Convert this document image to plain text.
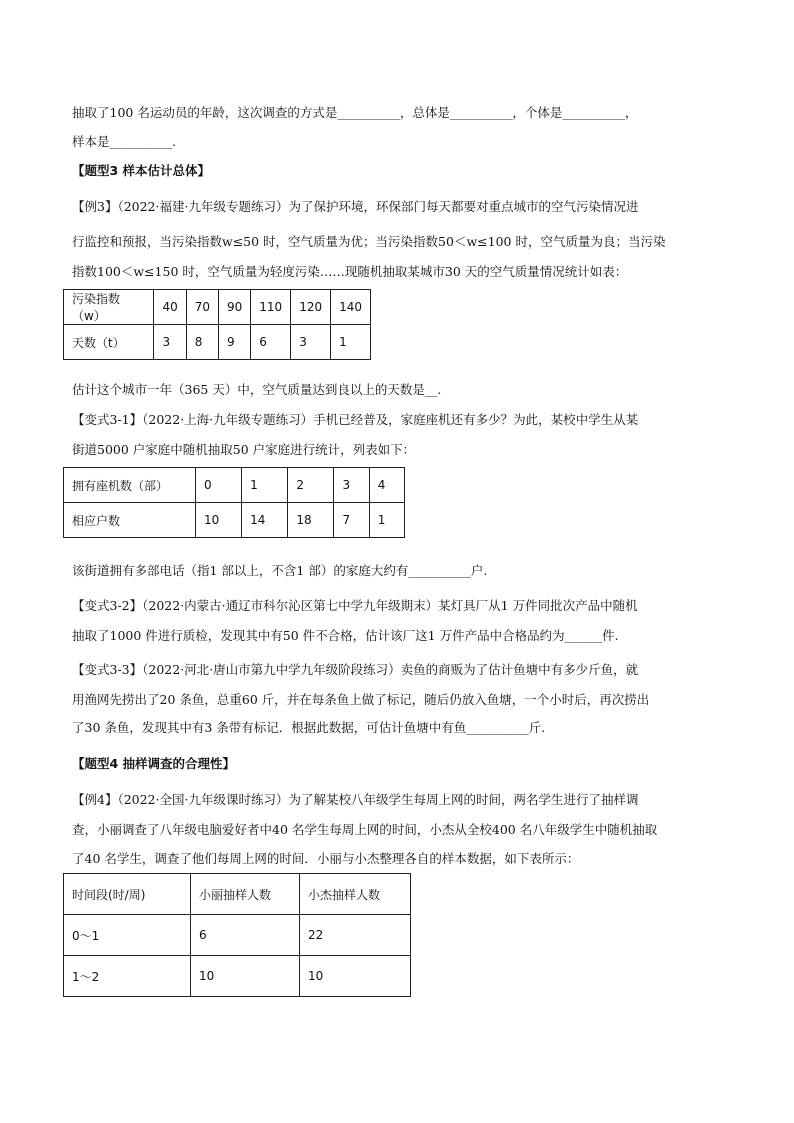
抽取了100 名运动员的年龄，这次调查的方式是__________，总体是__________，个体是__________，
样本是__________.
【题型3 样本估计总体】
【例3】（2022·福建·九年级专题练习）为了保护环境，环保部门每天都要对重点城市的空气污染情况进
行监控和预报，当污染指数w≤50 时，空气质量为优；当污染指数50＜w≤100 时，空气质量为良；当污染
指数100＜w≤150 时，空气质量为轻度污染……现随机抽取某城市30 天的空气质量情况统计如表：
污染指数（w）	40	70	90	110	120	140
天数（t）	3	8	9	6	3	1
估计这个城市一年（365 天）中，空气质量达到良以上的天数是__.
【变式3-1】（2022·上海·九年级专题练习）手机已经普及，家庭座机还有多少？为此，某校中学生从某
街道5000 户家庭中随机抽取50 户家庭进行统计，列表如下：
拥有座机数（部）	0	1	2	3	4
相应户数	10	14	18	7	1
该街道拥有多部电话（指1 部以上，不含1 部）的家庭大约有__________户.
【变式3-2】（2022·内蒙古·通辽市科尔沁区第七中学九年级期末）某灯具厂从1 万件同批次产品中随机
抽取了1000 件进行质检，发现其中有50 件不合格，估计该厂这1 万件产品中合格品约为______件.
【变式3-3】（2022·河北·唐山市第九中学九年级阶段练习）卖鱼的商贩为了估计鱼塘中有多少斤鱼，就
用渔网先捞出了20 条鱼，总重60 斤，并在每条鱼上做了标记，随后仍放入鱼塘，一个小时后，再次捞出
了30 条鱼，发现其中有3 条带有标记．根据此数据，可估计鱼塘中有鱼__________斤.
【题型4 抽样调查的合理性】
【例4】（2022·全国·九年级课时练习）为了解某校八年级学生每周上网的时间，两名学生进行了抽样调
查，小丽调查了八年级电脑爱好者中40 名学生每周上网的时间，小杰从全校400 名八年级学生中随机抽取
了40 名学生，调查了他们每周上网的时间．小丽与小杰整理各自的样本数据，如下表所示：
时间段(时/周)	小丽抽样人数	小杰抽样人数
0～1	6	22
1～2	10	10
